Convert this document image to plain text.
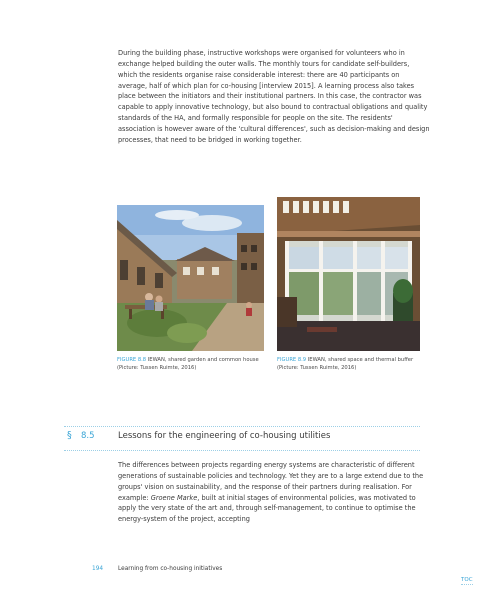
During the building phase, instructive workshops were organised for volunteers who in exchange helped building the outer walls. The monthly tours for candidate self-builders, which the residents organise raise considerable interest: there are 40 participants on average, half of which plan for co-housing [interview 2015]. A learning process also takes place between the initiators and their institutional partners. In this case, the contractor was capable to apply innovative technology, but also bound to contractual obligations and quality standards of the HA, and formally responsible for people on the site. The residents' association is however aware of the 'cultural differences', such as decision-making and design processes, that need to be bridged in working together.

FIGURE 8.8 IEWAN, shared garden and common house (Picture: Tussen Ruimte, 2016)

FIGURE 8.9 IEWAN, shared space and thermal buffer (Picture: Tussen Ruimte, 2016)

§ 8.5	Lessons for the engineering of co-housing utilities

The differences between projects regarding energy systems are characteristic of different generations of sustainable policies and technology. Yet they are to a large extend due to the groups' vision on sustainability, and the response of their partners during realisation. For example: Groene Marke, built at initial stages of environmental policies, was motivated to apply the very state of the art and, through self-management, to continue to optimise the energy-system of the project, accepting

194	Learning from co-housing initiatives
TOC
